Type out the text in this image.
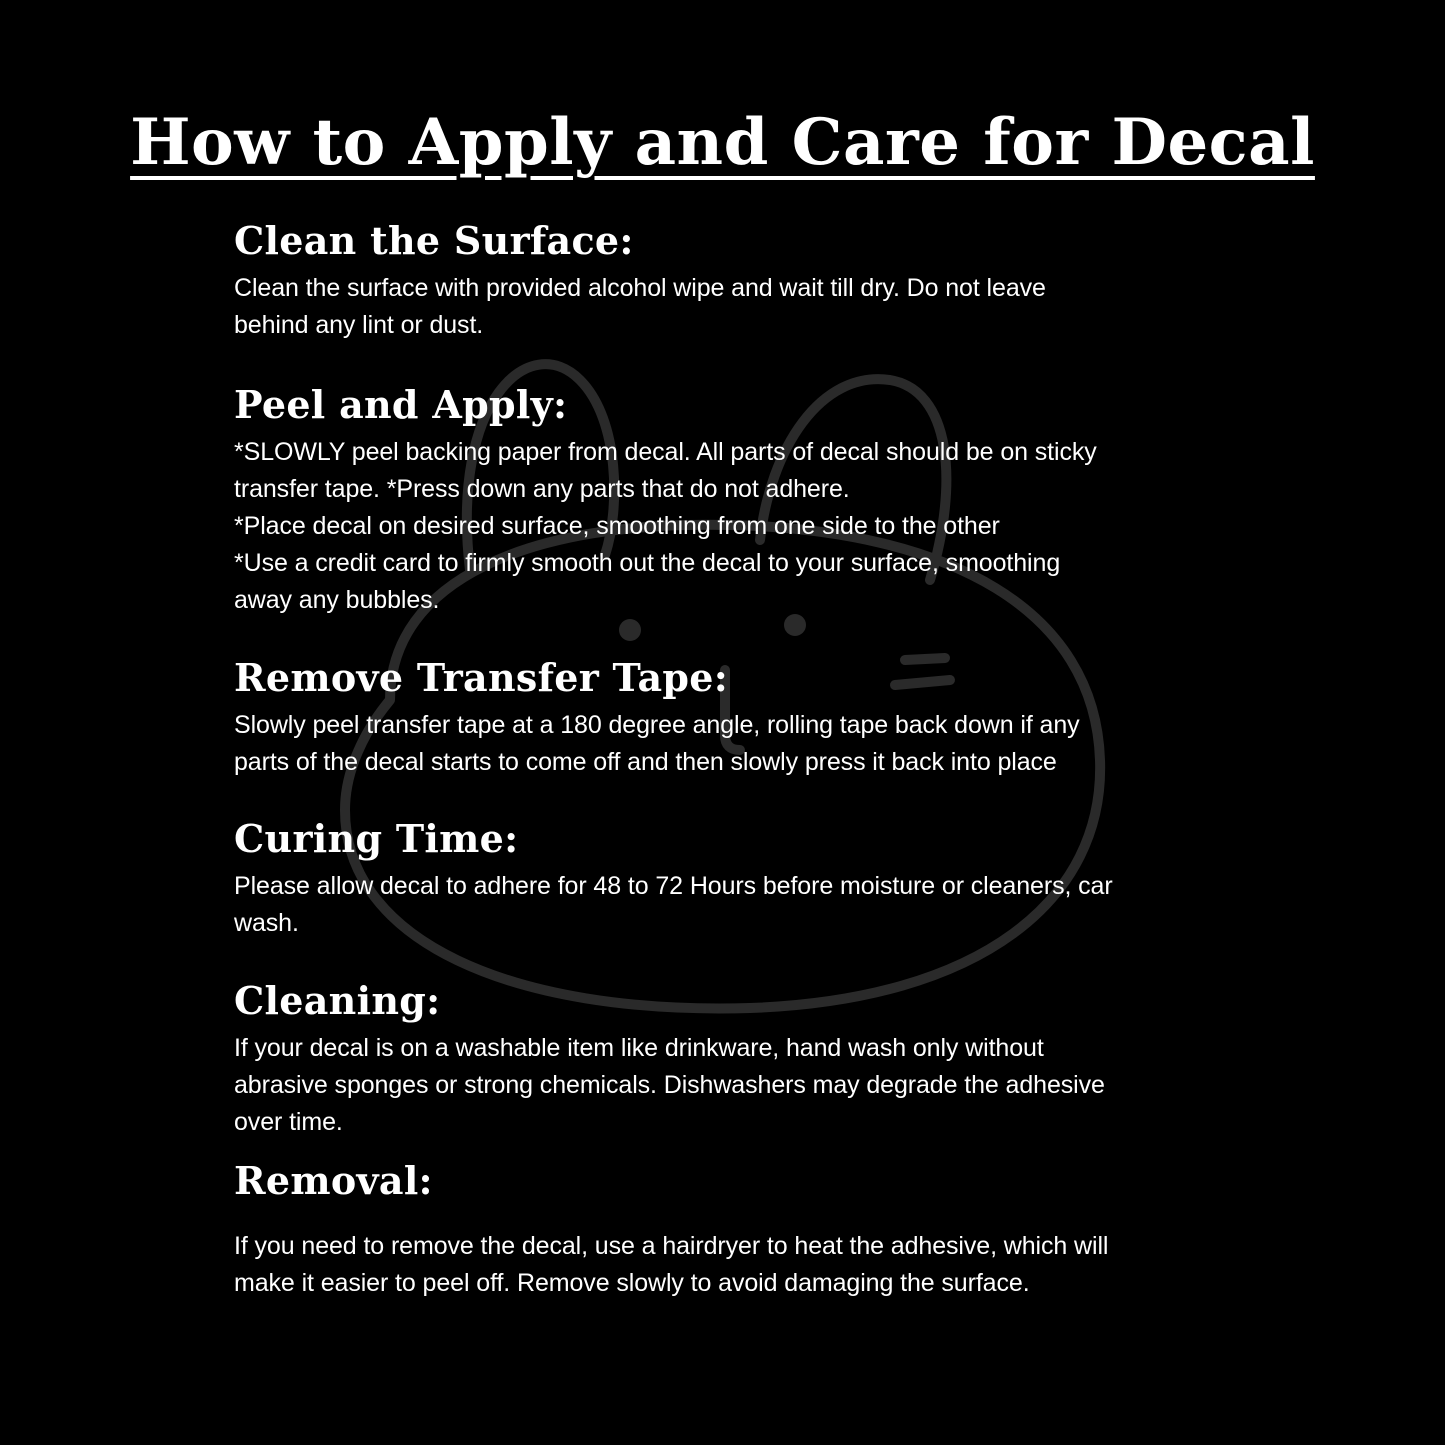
How to Apply and Care for Decal
Clean the Surface:

Clean the surface with provided alcohol wipe and wait till dry. Do not leave
behind any lint or dust.

Peel and Apply:

*SLOWLY peel backing paper from decal. All parts of decal should be on sticky
transfer tape. *Press down any parts that do not adhere.
*Place decal on desired surface, smoothing from one side to the other
*Use a credit card to firmly smooth out the decal to your surface, smoothing
away any bubbles.

Remove Transfer Tape:

Slowly peel transfer tape at a 180 degree angle, rolling tape back down if any
parts of the decal starts to come off and then slowly press it back into place

Curing Time:

Please allow decal to adhere for 48 to 72 Hours before moisture or cleaners, car
wash.

Cleaning:

If your decal is on a washable item like drinkware, hand wash only without
abrasive sponges or strong chemicals. Dishwashers may degrade the adhesive
over time.

Removal:

If you need to remove the decal, use a hairdryer to heat the adhesive, which will
make it easier to peel off. Remove slowly to avoid damaging the surface.
